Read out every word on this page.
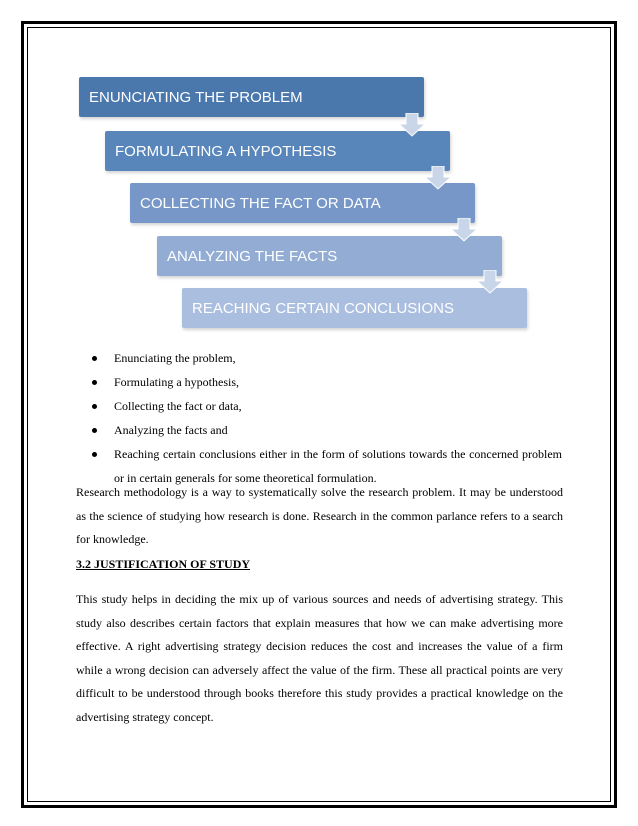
ENUNCIATING THE PROBLEM
FORMULATING A HYPOTHESIS
COLLECTING THE FACT OR DATA
ANALYZING THE FACTS
REACHING CERTAIN CONCLUSIONS
Enunciating the problem,
Formulating a hypothesis,
Collecting the fact or data,
Analyzing the facts and
Reaching certain conclusions either in the form of solutions towards the concerned problem or in certain generals for some theoretical formulation.

Research methodology is a way to systematically solve the research problem. It may be understood as the science of studying how research is done. Research in the common parlance refers to a search for knowledge.

3.2 JUSTIFICATION OF STUDY

This study helps in deciding the mix up of various sources and needs of advertising strategy. This study also describes certain factors that explain measures that how we can make advertising more effective. A right advertising strategy decision reduces the cost and increases the value of a firm while a wrong decision can adversely affect the value of the firm. These all practical points are very difficult to be understood through books therefore this study provides a practical knowledge on the advertising strategy concept.
